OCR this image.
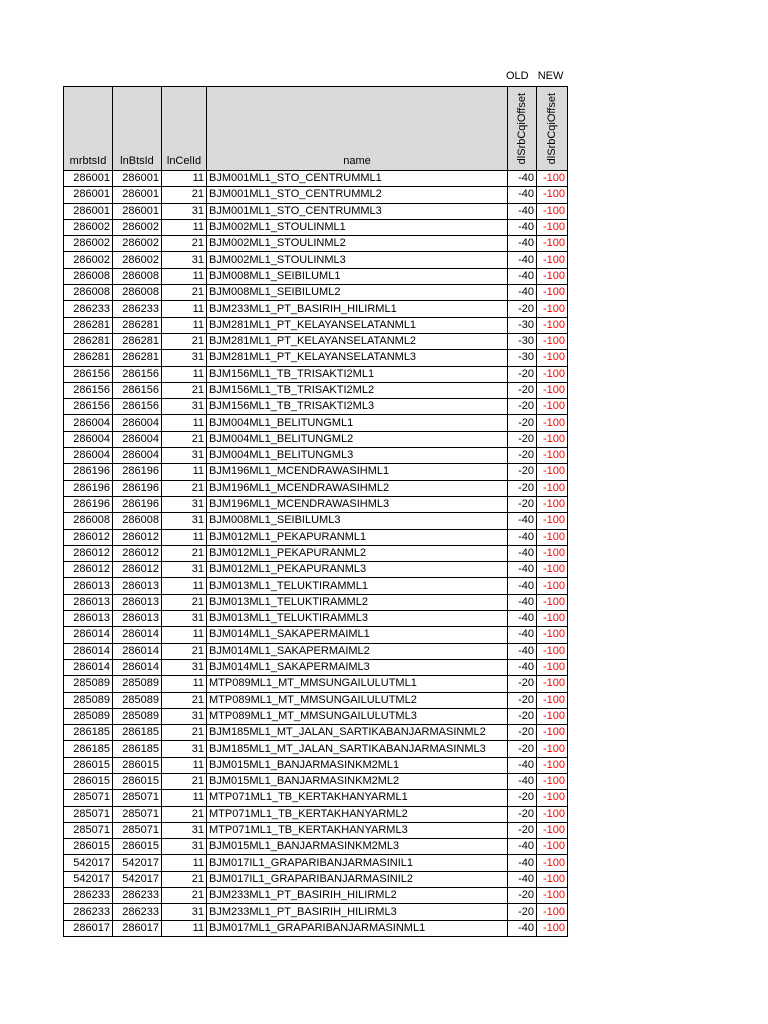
OLD NEW
mrbtsId	lnBtsId	lnCelId	name	dlSrbCqiOffset	dlSrbCqiOffset
286001	286001	11	BJM001ML1_STO_CENTRUMML1	-40	-100
286001	286001	21	BJM001ML1_STO_CENTRUMML2	-40	-100
286001	286001	31	BJM001ML1_STO_CENTRUMML3	-40	-100
286002	286002	11	BJM002ML1_STOULINML1	-40	-100
286002	286002	21	BJM002ML1_STOULINML2	-40	-100
286002	286002	31	BJM002ML1_STOULINML3	-40	-100
286008	286008	11	BJM008ML1_SEIBILUML1	-40	-100
286008	286008	21	BJM008ML1_SEIBILUML2	-40	-100
286233	286233	11	BJM233ML1_PT_BASIRIH_HILIRML1	-20	-100
286281	286281	11	BJM281ML1_PT_KELAYANSELATANML1	-30	-100
286281	286281	21	BJM281ML1_PT_KELAYANSELATANML2	-30	-100
286281	286281	31	BJM281ML1_PT_KELAYANSELATANML3	-30	-100
286156	286156	11	BJM156ML1_TB_TRISAKTI2ML1	-20	-100
286156	286156	21	BJM156ML1_TB_TRISAKTI2ML2	-20	-100
286156	286156	31	BJM156ML1_TB_TRISAKTI2ML3	-20	-100
286004	286004	11	BJM004ML1_BELITUNGML1	-20	-100
286004	286004	21	BJM004ML1_BELITUNGML2	-20	-100
286004	286004	31	BJM004ML1_BELITUNGML3	-20	-100
286196	286196	11	BJM196ML1_MCENDRAWASIHML1	-20	-100
286196	286196	21	BJM196ML1_MCENDRAWASIHML2	-20	-100
286196	286196	31	BJM196ML1_MCENDRAWASIHML3	-20	-100
286008	286008	31	BJM008ML1_SEIBILUML3	-40	-100
286012	286012	11	BJM012ML1_PEKAPURANML1	-40	-100
286012	286012	21	BJM012ML1_PEKAPURANML2	-40	-100
286012	286012	31	BJM012ML1_PEKAPURANML3	-40	-100
286013	286013	11	BJM013ML1_TELUKTIRAMML1	-40	-100
286013	286013	21	BJM013ML1_TELUKTIRAMML2	-40	-100
286013	286013	31	BJM013ML1_TELUKTIRAMML3	-40	-100
286014	286014	11	BJM014ML1_SAKAPERMAIML1	-40	-100
286014	286014	21	BJM014ML1_SAKAPERMAIML2	-40	-100
286014	286014	31	BJM014ML1_SAKAPERMAIML3	-40	-100
285089	285089	11	MTP089ML1_MT_MMSUNGAILULUTML1	-20	-100
285089	285089	21	MTP089ML1_MT_MMSUNGAILULUTML2	-20	-100
285089	285089	31	MTP089ML1_MT_MMSUNGAILULUTML3	-20	-100
286185	286185	21	BJM185ML1_MT_JALAN_SARTIKABANJARMASINML2	-20	-100
286185	286185	31	BJM185ML1_MT_JALAN_SARTIKABANJARMASINML3	-20	-100
286015	286015	11	BJM015ML1_BANJARMASINKM2ML1	-40	-100
286015	286015	21	BJM015ML1_BANJARMASINKM2ML2	-40	-100
285071	285071	11	MTP071ML1_TB_KERTAKHANYARML1	-20	-100
285071	285071	21	MTP071ML1_TB_KERTAKHANYARML2	-20	-100
285071	285071	31	MTP071ML1_TB_KERTAKHANYARML3	-20	-100
286015	286015	31	BJM015ML1_BANJARMASINKM2ML3	-40	-100
542017	542017	11	BJM017IL1_GRAPARIBANJARMASINIL1	-40	-100
542017	542017	21	BJM017IL1_GRAPARIBANJARMASINIL2	-40	-100
286233	286233	21	BJM233ML1_PT_BASIRIH_HILIRML2	-20	-100
286233	286233	31	BJM233ML1_PT_BASIRIH_HILIRML3	-20	-100
286017	286017	11	BJM017ML1_GRAPARIBANJARMASINML1	-40	-100
